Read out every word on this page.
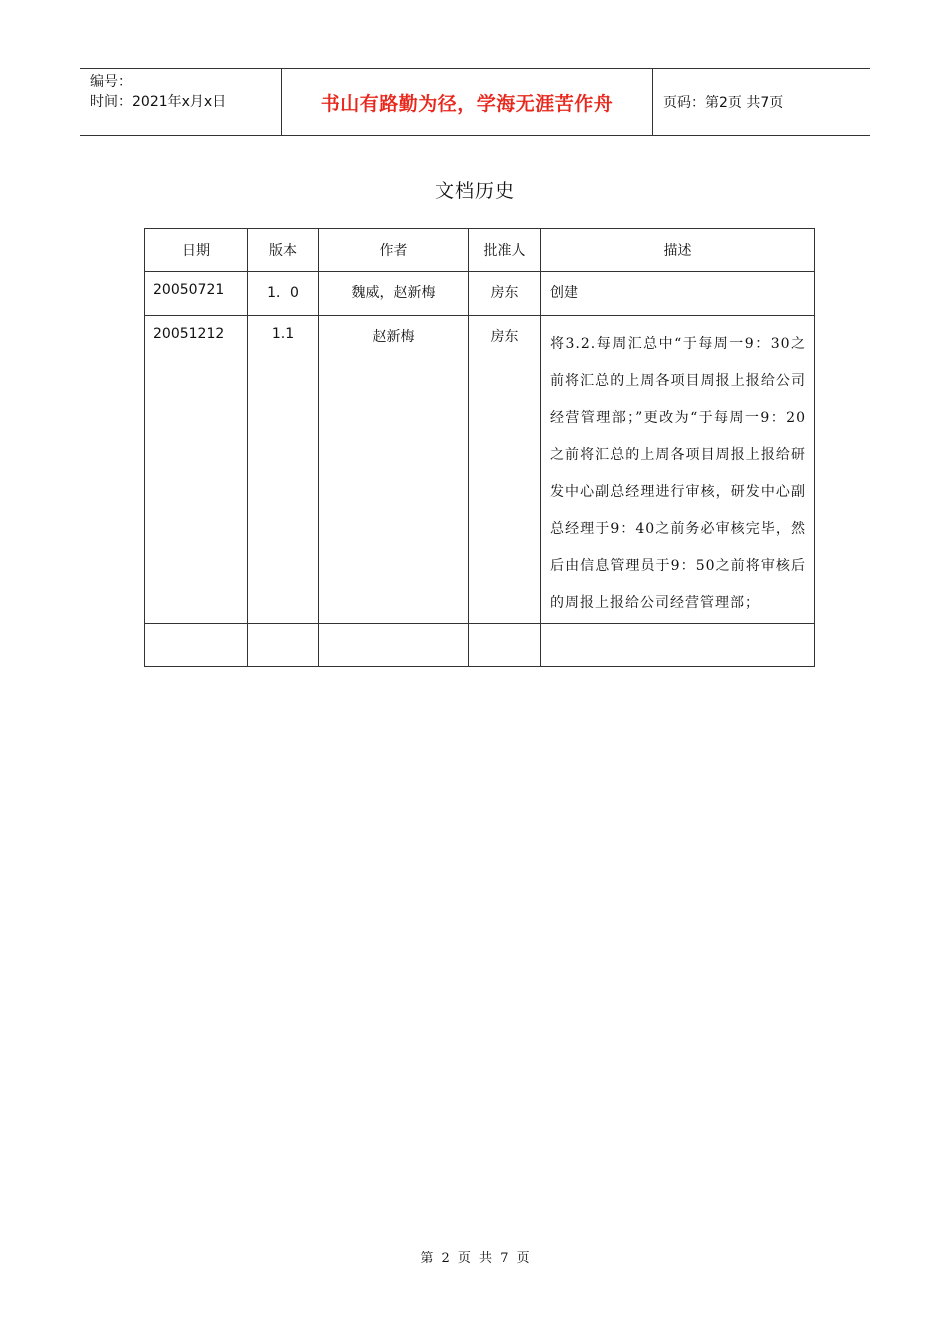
编号：
时间：2021年x月x日	书山有路勤为径，学海无涯苦作舟	页码：第2页 共7页
文档历史
日期	版本	作者	批准人	描述
20050721	1．0	魏威，赵新梅	房东	创建
20051212	1.1	赵新梅	房东	将3.2.每周汇总中“于每周一9：30之前将汇总的上周各项目周报上报给公司经营管理部；”更改为“于每周一9：20之前将汇总的上周各项目周报上报给研发中心副总经理进行审核，研发中心副总经理于9：40之前务必审核完毕，然后由信息管理员于9：50之前将审核后的周报上报给公司经营管理部；

第 2 页 共 7 页
